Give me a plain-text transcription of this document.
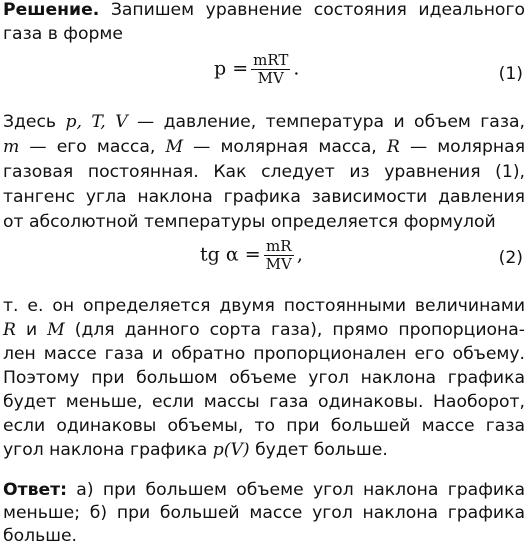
Решение. Запишем уравнение состояния идеального
газа в форме
$p = \frac{\text{mRT}}{MV}$ .	(1)
Здесь p, T, V — давление, температура и объем газа,
m — его масса, M — молярная масса, R — молярная
газовая постоянная. Как следует из уравнения (1),
тангенс угла наклона графика зависимости давления
от абсолютной температуры определяется формулой
tg $\alpha = \frac{mR}{MV}$ ,	(2)
т. е. он определяется двумя постоянными величинами
R и M (для данного сорта газа), прямо пропорциона-
лен массе газа и обратно пропорционален его объему.
Поэтому при большом объеме угол наклона графика
будет меньше, если массы газа одинаковы. Наоборот,
если одинаковы объемы, то при большей массе газа
угол наклона графика p(V) будет больше.
Ответ: а) при большем объеме угол наклона графика
меньше; б) при большей массе угол наклона графика
больше.
